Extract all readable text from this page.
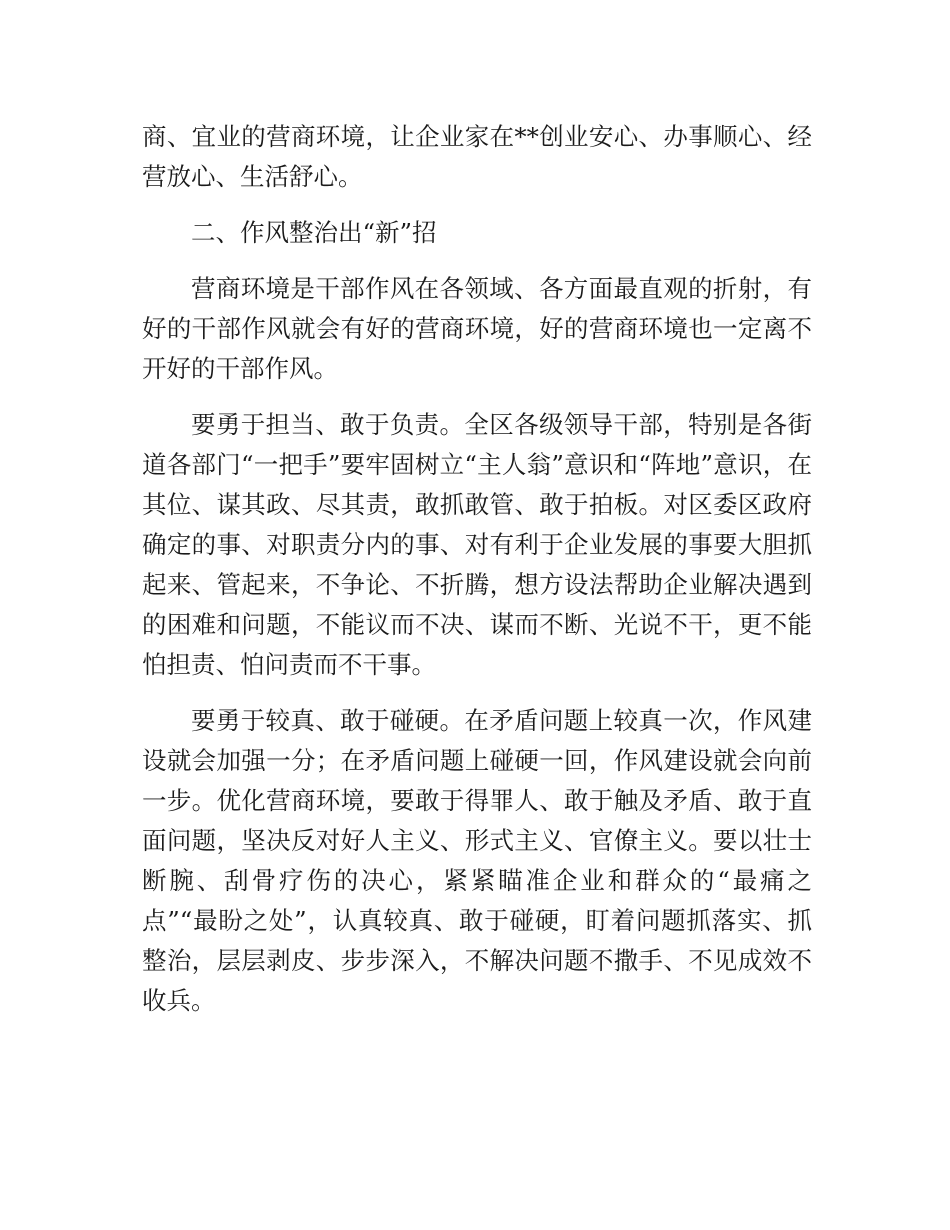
商、宜业的营商环境，让企业家在**创业安心、办事顺心、经营放心、生活舒心。

二、作风整治出“新”招

营商环境是干部作风在各领域、各方面最直观的折射，有好的干部作风就会有好的营商环境，好的营商环境也一定离不开好的干部作风。

要勇于担当、敢于负责。全区各级领导干部，特别是各街道各部门“一把手”要牢固树立“主人翁”意识和“阵地”意识，在其位、谋其政、尽其责，敢抓敢管、敢于拍板。对区委区政府确定的事、对职责分内的事、对有利于企业发展的事要大胆抓起来、管起来，不争论、不折腾，想方设法帮助企业解决遇到的困难和问题，不能议而不决、谋而不断、光说不干，更不能怕担责、怕问责而不干事。

要勇于较真、敢于碰硬。在矛盾问题上较真一次，作风建设就会加强一分；在矛盾问题上碰硬一回，作风建设就会向前一步。优化营商环境，要敢于得罪人、敢于触及矛盾、敢于直面问题，坚决反对好人主义、形式主义、官僚主义。要以壮士断腕、刮骨疗伤的决心，紧紧瞄准企业和群众的“最痛之点”“最盼之处”，认真较真、敢于碰硬，盯着问题抓落实、抓整治，层层剥皮、步步深入，不解决问题不撒手、不见成效不收兵。
